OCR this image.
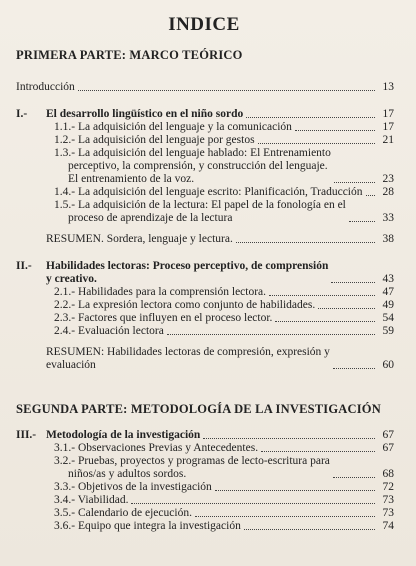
INDICE
PRIMERA PARTE: MARCO TEÓRICO
Introducción	13
I.-	El desarrollo lingüístico en el niño sordo	17
1.1.- La adquisición del lenguaje y la comunicación	17
1.2.- La adquisición del lenguaje por gestos	21
1.3.- La adquisición del lenguaje hablado: El Entrenamiento
perceptivo, la comprensión, y construcción del lenguaje.
El entrenamiento de la voz.	23
1.4.- La adquisición del lenguaje escrito: Planificación, Traducción	28
1.5.- La adquisición de la lectura: El papel de la fonología en el
proceso de aprendizaje de la lectura	33
RESUMEN. Sordera, lenguaje y lectura.	38
II.-	Habilidades lectoras: Proceso perceptivo, de comprensión
y creativo.	43
2.1.- Habilidades para la comprensión lectora.	47
2.2.- La expresión lectora como conjunto de habilidades.	49
2.3.- Factores que influyen en el proceso lector.	54
2.4.- Evaluación lectora	59
RESUMEN: Habilidades lectoras de compresión, expresión y
evaluación	60
SEGUNDA PARTE: METODOLOGÍA DE LA INVESTIGACIÓN
III.- Metodología de la investigación	67
3.1.- Observaciones Previas y Antecedentes.	67
3.2.- Pruebas, proyectos y programas de lecto-escritura para
niños/as y adultos sordos.	68
3.3.- Objetivos de la investigación	72
3.4.- Viabilidad.	73
3.5.- Calendario de ejecución.	73
3.6.- Equipo que integra la investigación	74
